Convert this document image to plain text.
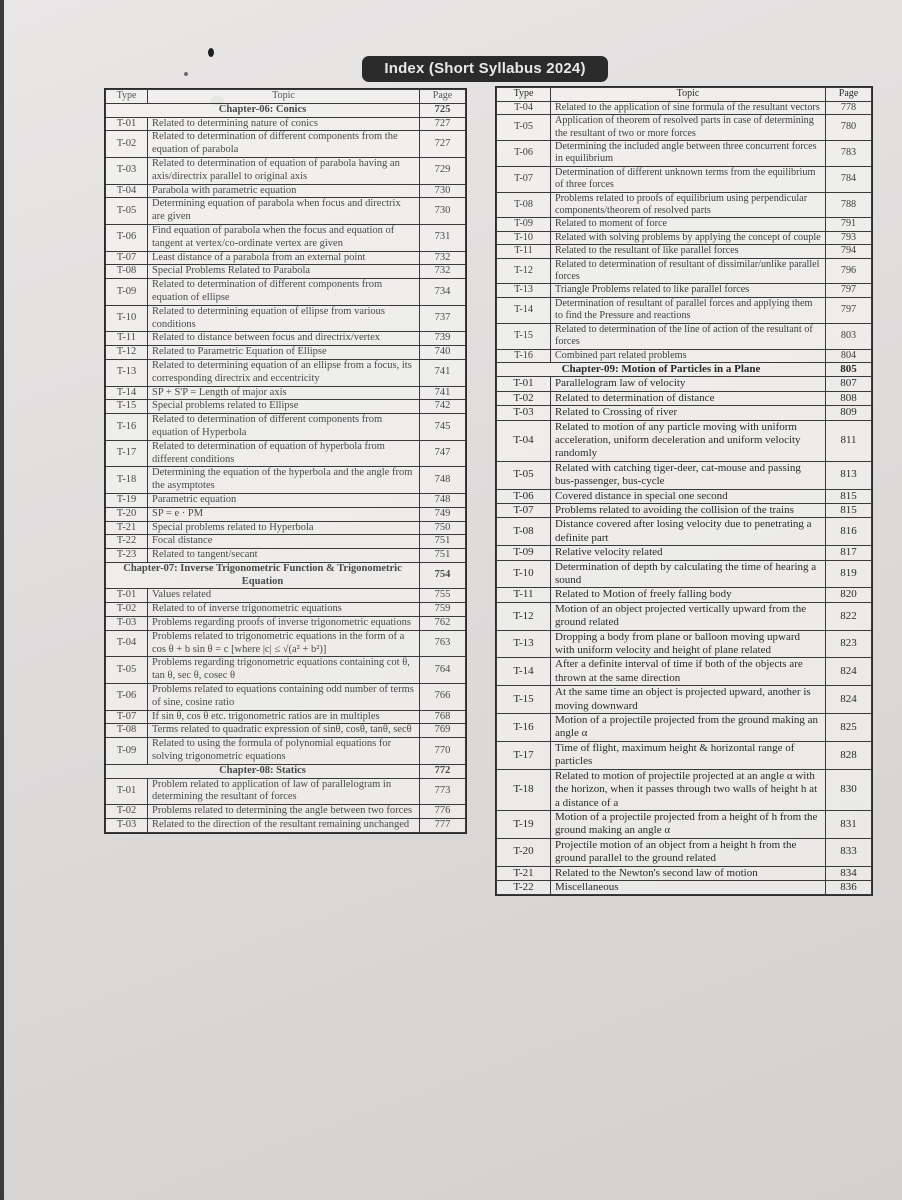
Index (Short Syllabus 2024)
Type	Topic	Page
Chapter-06: Conics		725
T-01	Related to determining nature of conics	727
T-02	Related to determination of different components from the equation of parabola	727
T-03	Related to determination of equation of parabola having an axis/directrix parallel to original axis	729
T-04	Parabola with parametric equation	730
T-05	Determining equation of parabola when focus and directrix are given	730
T-06	Find equation of parabola when the focus and equation of tangent at vertex/co-ordinate vertex are given	731
T-07	Least distance of a parabola from an external point	732
T-08	Special Problems Related to Parabola	732
T-09	Related to determination of different components from equation of ellipse	734
T-10	Related to determining equation of ellipse from various conditions	737
T-11	Related to distance between focus and directrix/vertex	739
T-12	Related to Parametric Equation of Ellipse	740
T-13	Related to determining equation of an ellipse from a focus, its corresponding directrix and eccentricity	741
T-14	SP + S'P = Length of major axis	741
T-15	Special problems related to Ellipse	742
T-16	Related to determination of different components from equation of Hyperbola	745
T-17	Related to determination of equation of hyperbola from different conditions	747
T-18	Determining the equation of the hyperbola and the angle from the asymptotes	748
T-19	Parametric equation	748
T-20	SP = e · PM	749
T-21	Special problems related to Hyperbola	750
T-22	Focal distance	751
T-23	Related to tangent/secant	751
Chapter-07: Inverse Trigonometric Function & Trigonometric Equation		754
T-01	Values related	755
T-02	Related to of inverse trigonometric equations	759
T-03	Problems regarding proofs of inverse trigonometric equations	762
T-04	Problems related to trigonometric equations in the form of a cos θ + b sin θ = c [where |c| ≤ √(a² + b²)]	763
T-05	Problems regarding trigonometric equations containing cot θ, tan θ, sec θ, cosec θ	764
T-06	Problems related to equations containing odd number of terms of sine, cosine ratio	766
T-07	If sin θ, cos θ etc. trigonometric ratios are in multiples	768
T-08	Terms related to quadratic expression of sinθ, cosθ, tanθ, secθ	769
T-09	Related to using the formula of polynomial equations for solving trigonometric equations	770
Chapter-08: Statics		772
T-01	Problem related to application of law of parallelogram in determining the resultant of forces	773
T-02	Problems related to determining the angle between two forces	776
T-03	Related to the direction of the resultant remaining unchanged	777
Type	Topic	Page
T-04	Related to the application of sine formula of the resultant vectors	778
T-05	Application of theorem of resolved parts in case of determining the resultant of two or more forces	780
T-06	Determining the included angle between three concurrent forces in equilibrium	783
T-07	Determination of different unknown terms from the equilibrium of three forces	784
T-08	Problems related to proofs of equilibrium using perpendicular components/theorem of resolved parts	788
T-09	Related to moment of force	791
T-10	Related with solving problems by applying the concept of couple	793
T-11	Related to the resultant of like parallel forces	794
T-12	Related to determination of resultant of dissimilar/unlike parallel forces	796
T-13	Triangle Problems related to like parallel forces	797
T-14	Determination of resultant of parallel forces and applying them to find the Pressure and reactions	797
T-15	Related to determination of the line of action of the resultant of forces	803
T-16	Combined part related problems	804
Chapter-09: Motion of Particles in a Plane		805
T-01	Parallelogram law of velocity	807
T-02	Related to determination of distance	808
T-03	Related to Crossing of river	809
T-04	Related to motion of any particle moving with uniform acceleration, uniform deceleration and uniform velocity randomly	811
T-05	Related with catching tiger-deer, cat-mouse and passing bus-passenger, bus-cycle	813
T-06	Covered distance in special one second	815
T-07	Problems related to avoiding the collision of the trains	815
T-08	Distance covered after losing velocity due to penetrating a definite part	816
T-09	Relative velocity related	817
T-10	Determination of depth by calculating the time of hearing a sound	819
T-11	Related to Motion of freely falling body	820
T-12	Motion of an object projected vertically upward from the ground related	822
T-13	Dropping a body from plane or balloon moving upward with uniform velocity and height of plane related	823
T-14	After a definite interval of time if both of the objects are thrown at the same direction	824
T-15	At the same time an object is projected upward, another is moving downward	824
T-16	Motion of a projectile projected from the ground making an angle α	825
T-17	Time of flight, maximum height & horizontal range of particles	828
T-18	Related to motion of projectile projected at an angle α with the horizon, when it passes through two walls of height h at a distance of a	830
T-19	Motion of a projectile projected from a height of h from the ground making an angle α	831
T-20	Projectile motion of an object from a height h from the ground parallel to the ground related	833
T-21	Related to the Newton's second law of motion	834
T-22	Miscellaneous	836
